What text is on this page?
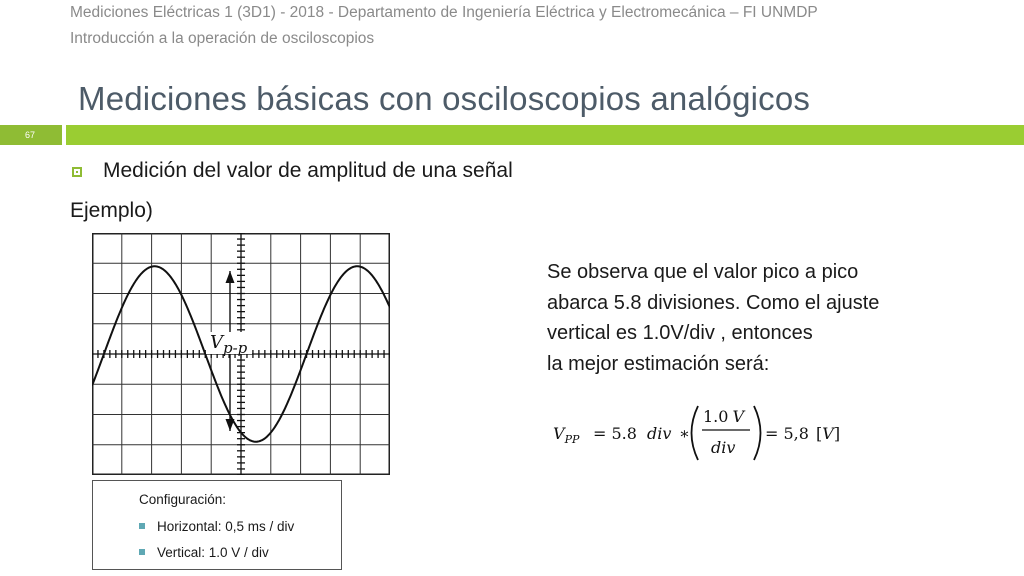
Mediciones Eléctricas 1 (3D1) - 2018 - Departamento de Ingeniería Eléctrica y Electromecánica – FI UNMDP
Introducción a la operación de osciloscopios
Mediciones básicas con osciloscopios analógicos
67
Medición del valor de amplitud de una señal
Ejemplo)
$V_{p-p}$
Se observa que el valor pico a pico
abarca 5.8 divisiones. Como el ajuste
vertical es 1.0V/div , entonces
la mejor estimación será:
$V_{PP} = 5.8$ div ∗
1.0 V
div
= 5,8 [V]
Configuración:
Horizontal: 0,5 ms / div
Vertical: 1.0 V / div
